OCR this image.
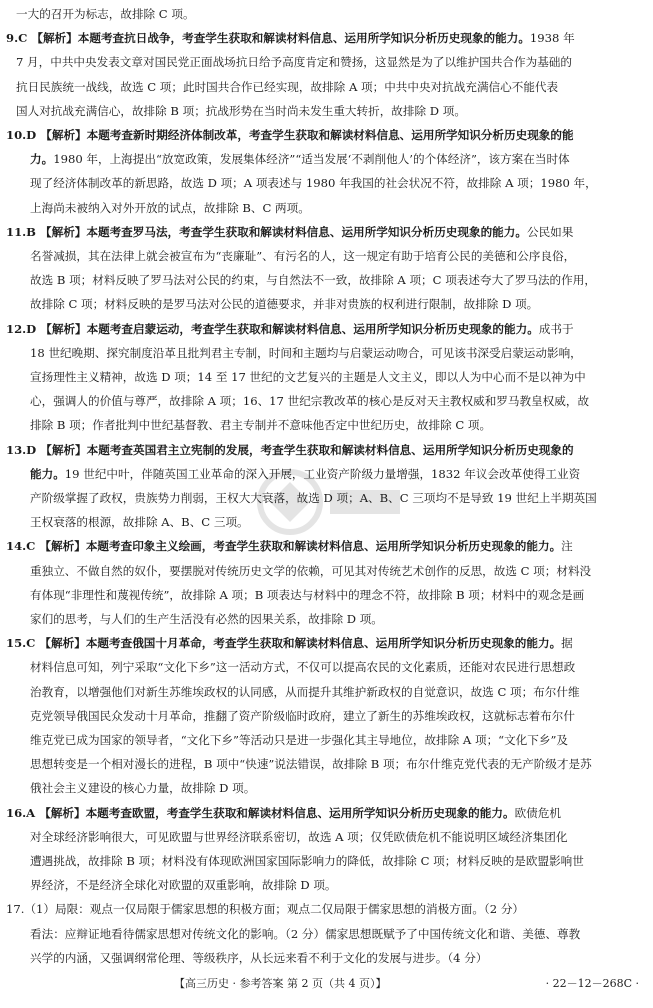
一大的召开为标志，故排除 C 项。
9.C 【解析】本题考查抗日战争，考查学生获取和解读材料信息、运用所学知识分析历史现象的能力。1938 年
7 月，中共中央发表文章对国民党正面战场抗日给予高度肯定和赞扬，这显然是为了以维护国共合作为基础的
抗日民族统一战线，故选 C 项；此时国共合作已经实现，故排除 A 项；中共中央对抗战充满信心不能代表
国人对抗战充满信心，故排除 B 项；抗战形势在当时尚未发生重大转折，故排除 D 项。
10.D 【解析】本题考查新时期经济体制改革，考查学生获取和解读材料信息、运用所学知识分析历史现象的能
力。1980 年，上海提出“放宽政策，发展集体经济”“适当发展‘不剥削他人’的个体经济”，该方案在当时体
现了经济体制改革的新思路，故选 D 项；A 项表述与 1980 年我国的社会状况不符，故排除 A 项；1980 年，
上海尚未被纳入对外开放的试点，故排除 B、C 两项。
11.B 【解析】本题考查罗马法，考查学生获取和解读材料信息、运用所学知识分析历史现象的能力。公民如果
名誉减损，其在法律上就会被宣布为“丧廉耻”、有污名的人，这一规定有助于培育公民的美德和公序良俗，
故选 B 项；材料反映了罗马法对公民的约束，与自然法不一致，故排除 A 项；C 项表述夸大了罗马法的作用，
故排除 C 项；材料反映的是罗马法对公民的道德要求，并非对贵族的权利进行限制，故排除 D 项。
12.D 【解析】本题考查启蒙运动，考查学生获取和解读材料信息、运用所学知识分析历史现象的能力。成书于
18 世纪晚期、探究制度沿革且批判君主专制，时间和主题均与启蒙运动吻合，可见该书深受启蒙运动影响，
宣扬理性主义精神，故选 D 项；14 至 17 世纪的文艺复兴的主题是人文主义，即以人为中心而不是以神为中
心，强调人的价值与尊严，故排除 A 项；16、17 世纪宗教改革的核心是反对天主教权威和罗马教皇权威，故
排除 B 项；作者批判中世纪基督教、君主专制并不意味他否定中世纪历史，故排除 C 项。
13.D 【解析】本题考查英国君主立宪制的发展，考查学生获取和解读材料信息、运用所学知识分析历史现象的
能力。19 世纪中叶，伴随英国工业革命的深入开展，工业资产阶级力量增强，1832 年议会改革使得工业资
产阶级掌握了政权，贵族势力削弱，王权大大衰落，故选 D 项；A、B、C 三项均不是导致 19 世纪上半期英国
王权衰落的根源，故排除 A、B、C 三项。
14.C 【解析】本题考查印象主义绘画，考查学生获取和解读材料信息、运用所学知识分析历史现象的能力。注
重独立、不做自然的奴仆，要摆脱对传统历史文学的依赖，可见其对传统艺术创作的反思，故选 C 项；材料没
有体现“非理性和蔑视传统”，故排除 A 项；B 项表达与材料中的理念不符，故排除 B 项；材料中的观念是画
家们的思考，与人们的生产生活没有必然的因果关系，故排除 D 项。
15.C 【解析】本题考查俄国十月革命，考查学生获取和解读材料信息、运用所学知识分析历史现象的能力。据
材料信息可知，列宁采取“文化下乡”这一活动方式，不仅可以提高农民的文化素质，还能对农民进行思想政
治教育，以增强他们对新生苏维埃政权的认同感，从而提升其维护新政权的自觉意识，故选 C 项；布尔什维
克党领导俄国民众发动十月革命，推翻了资产阶级临时政府，建立了新生的苏维埃政权，这就标志着布尔什
维克党已成为国家的领导者，“文化下乡”等活动只是进一步强化其主导地位，故排除 A 项；“文化下乡”及
思想转变是一个相对漫长的进程，B 项中“快速”说法错误，故排除 B 项；布尔什维克党代表的无产阶级才是苏
俄社会主义建设的核心力量，故排除 D 项。
16.A 【解析】本题考查欧盟，考查学生获取和解读材料信息、运用所学知识分析历史现象的能力。欧债危机
对全球经济影响很大，可见欧盟与世界经济联系密切，故选 A 项；仅凭欧债危机不能说明区域经济集团化
遭遇挑战，故排除 B 项；材料没有体现欧洲国家国际影响力的降低，故排除 C 项；材料反映的是欧盟影响世
界经济，不是经济全球化对欧盟的双重影响，故排除 D 项。
17.（1）局限：观点一仅局限于儒家思想的积极方面；观点二仅局限于儒家思想的消极方面。（2 分）
看法：应辩证地看待儒家思想对传统文化的影响。（2 分）儒家思想既赋予了中国传统文化和谐、美德、尊教
兴学的内涵，又强调纲常伦理、等级秩序，从长远来看不利于文化的发展与进步。（4 分）
【高三历史 · 参考答案 第 2 页（共 4 页）】	· 22－12－268C ·
